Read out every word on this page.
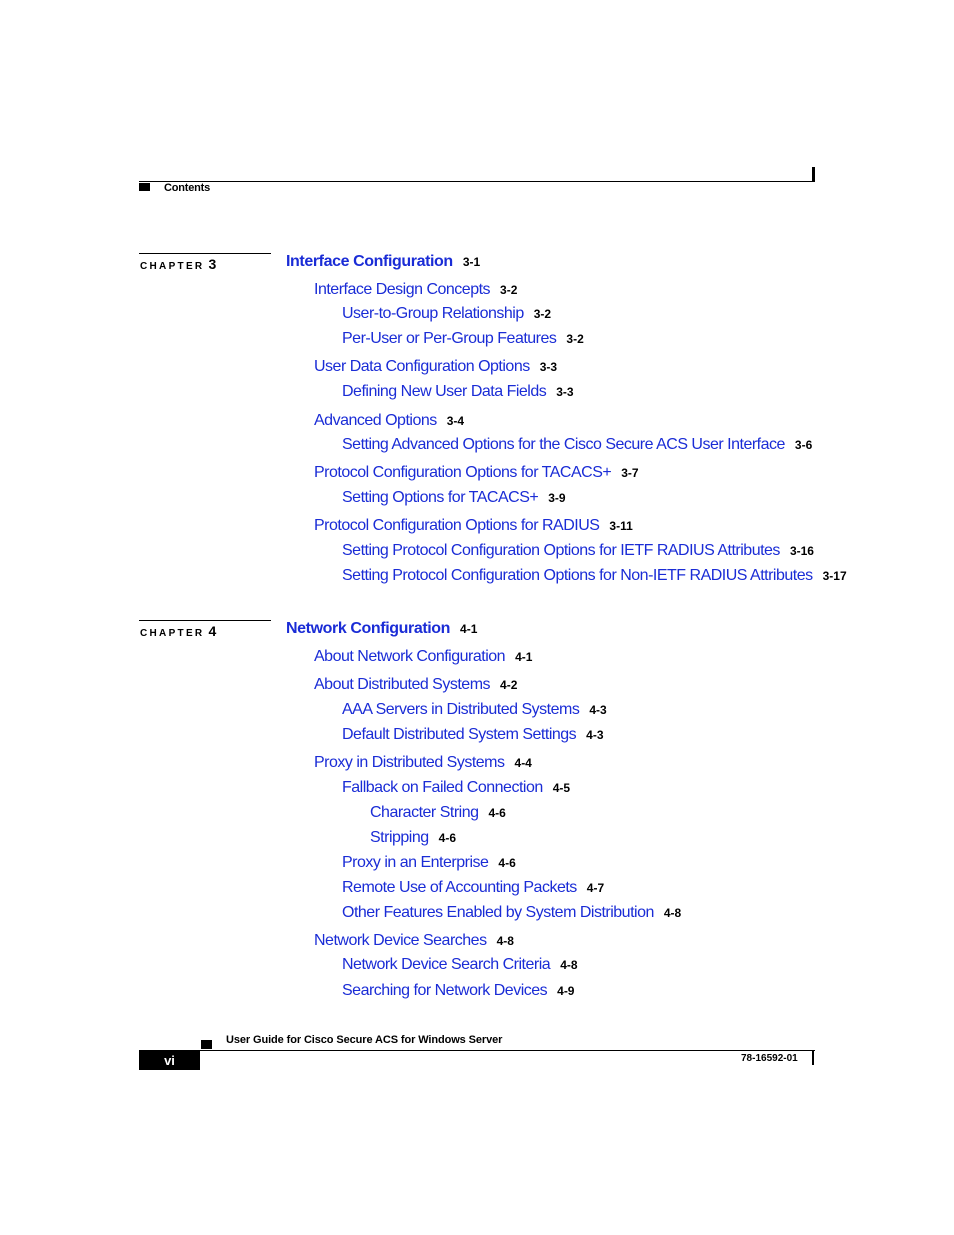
Contents
CHAPTER 3	Interface Configuration 3-1
Interface Design Concepts 3-2
User-to-Group Relationship 3-2
Per-User or Per-Group Features 3-2
User Data Configuration Options 3-3
Defining New User Data Fields 3-3
Advanced Options 3-4
Setting Advanced Options for the Cisco Secure ACS User Interface 3-6
Protocol Configuration Options for TACACS+ 3-7
Setting Options for TACACS+ 3-9
Protocol Configuration Options for RADIUS 3-11
Setting Protocol Configuration Options for IETF RADIUS Attributes 3-16
Setting Protocol Configuration Options for Non-IETF RADIUS Attributes 3-17
CHAPTER 4	Network Configuration 4-1
About Network Configuration 4-1
About Distributed Systems 4-2
AAA Servers in Distributed Systems 4-3
Default Distributed System Settings 4-3
Proxy in Distributed Systems 4-4
Fallback on Failed Connection 4-5
Character String 4-6
Stripping 4-6
Proxy in an Enterprise 4-6
Remote Use of Accounting Packets 4-7
Other Features Enabled by System Distribution 4-8
Network Device Searches 4-8
Network Device Search Criteria 4-8
Searching for Network Devices 4-9
User Guide for Cisco Secure ACS for Windows Server
vi	78-16592-01
